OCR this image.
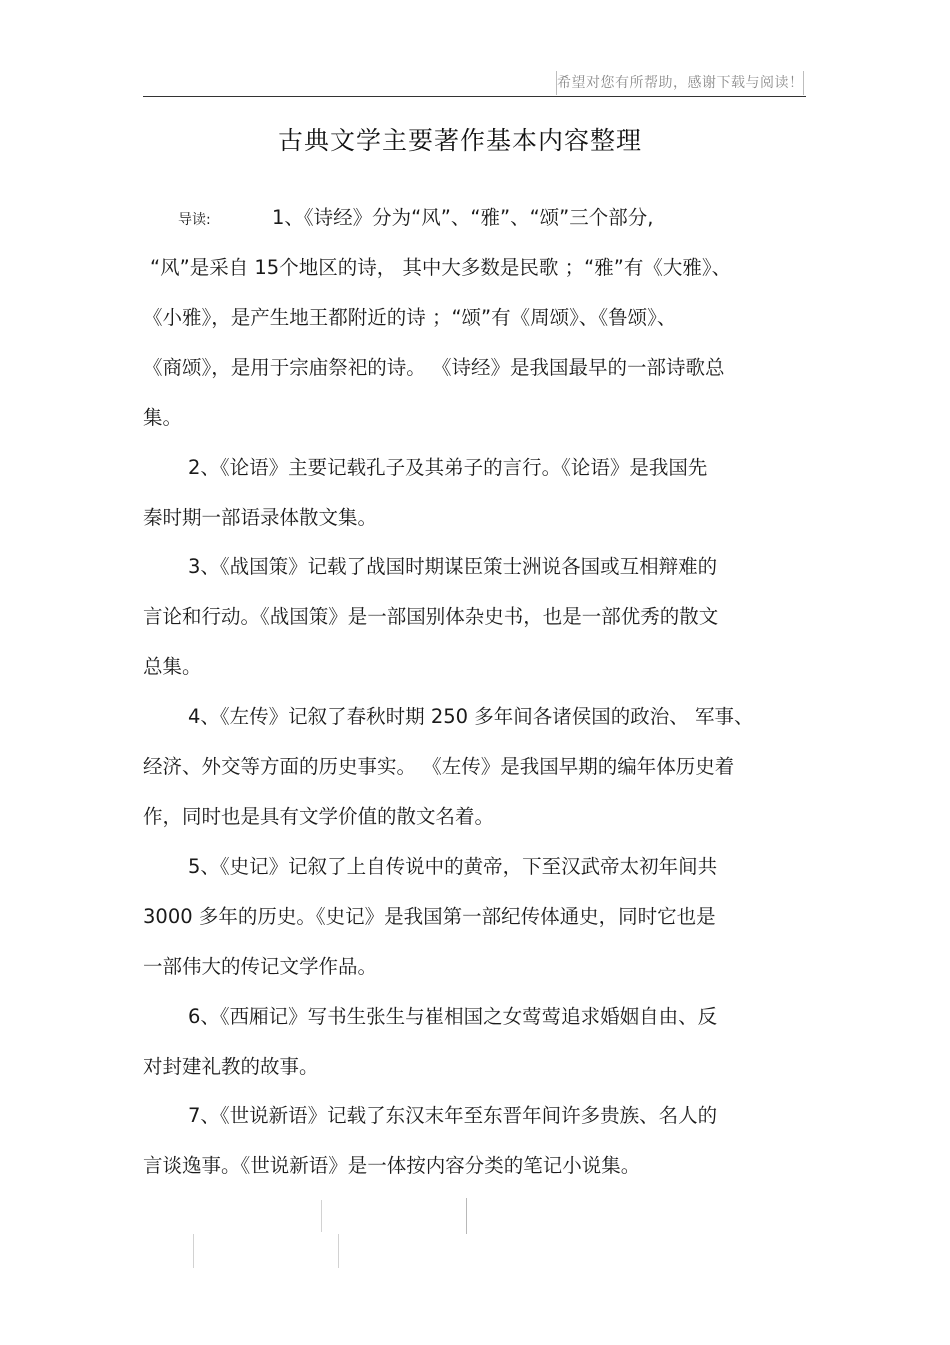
希望对您有所帮助，感谢下载与阅读！
古典文学主要著作基本内容整理
导读:	1、《诗经》分为“风”、“雅”、“颂”三个部分,
“风”是采自 15个地区的诗， 其中大多数是民歌 ；“雅”有《大雅》、
《小雅》，是产生地王都附近的诗 ；“颂”有《周颂》、《鲁颂》、
《商颂》，是用于宗庙祭祀的诗。 《诗经》是我国最早的一部诗歌总
集。
2、《论语》主要记载孔子及其弟子的言行。《论语》是我国先
秦时期一部语录体散文集。
3、《战国策》记载了战国时期谋臣策士洲说各国或互相辩难的
言论和行动。《战国策》是一部国别体杂史书，也是一部优秀的散文
总集。
4、《左传》记叙了春秋时期 250 多年间各诸侯国的政治、 军事、
经济、外交等方面的历史事实。 《左传》是我国早期的编年体历史着
作，同时也是具有文学价值的散文名着。
5、《史记》记叙了上自传说中的黄帝，下至汉武帝太初年间共
3000 多年的历史。《史记》是我国第一部纪传体通史，同时它也是
一部伟大的传记文学作品。
6、《西厢记》写书生张生与崔相国之女莺莺追求婚姻自由、反
对封建礼教的故事。
7、《世说新语》记载了东汉末年至东晋年间许多贵族、名人的
言谈逸事。《世说新语》是一体按内容分类的笔记小说集。
